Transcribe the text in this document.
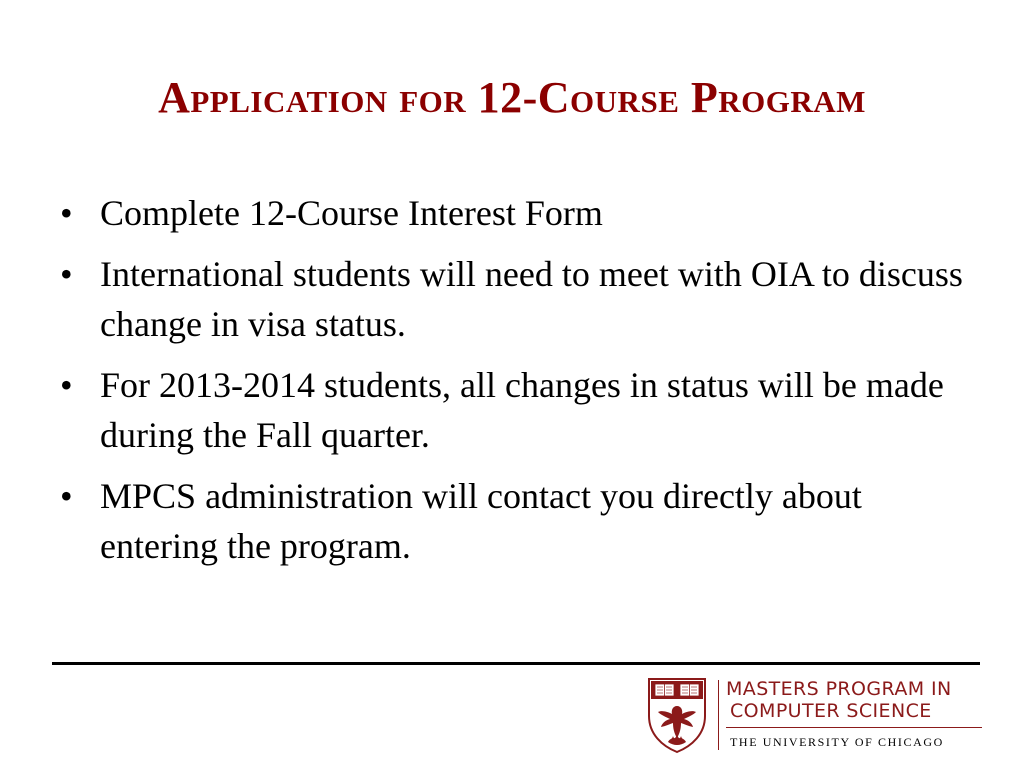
Application for 12-Course Program
• Complete 12-Course Interest Form
• International students will need to meet with OIA to discuss change in visa status.
• For 2013-2014 students, all changes in status will be made during the Fall quarter.
• MPCS administration will contact you directly about entering the program.
MASTERS PROGRAM IN
COMPUTER SCIENCE
THE UNIVERSITY OF CHICAGO
